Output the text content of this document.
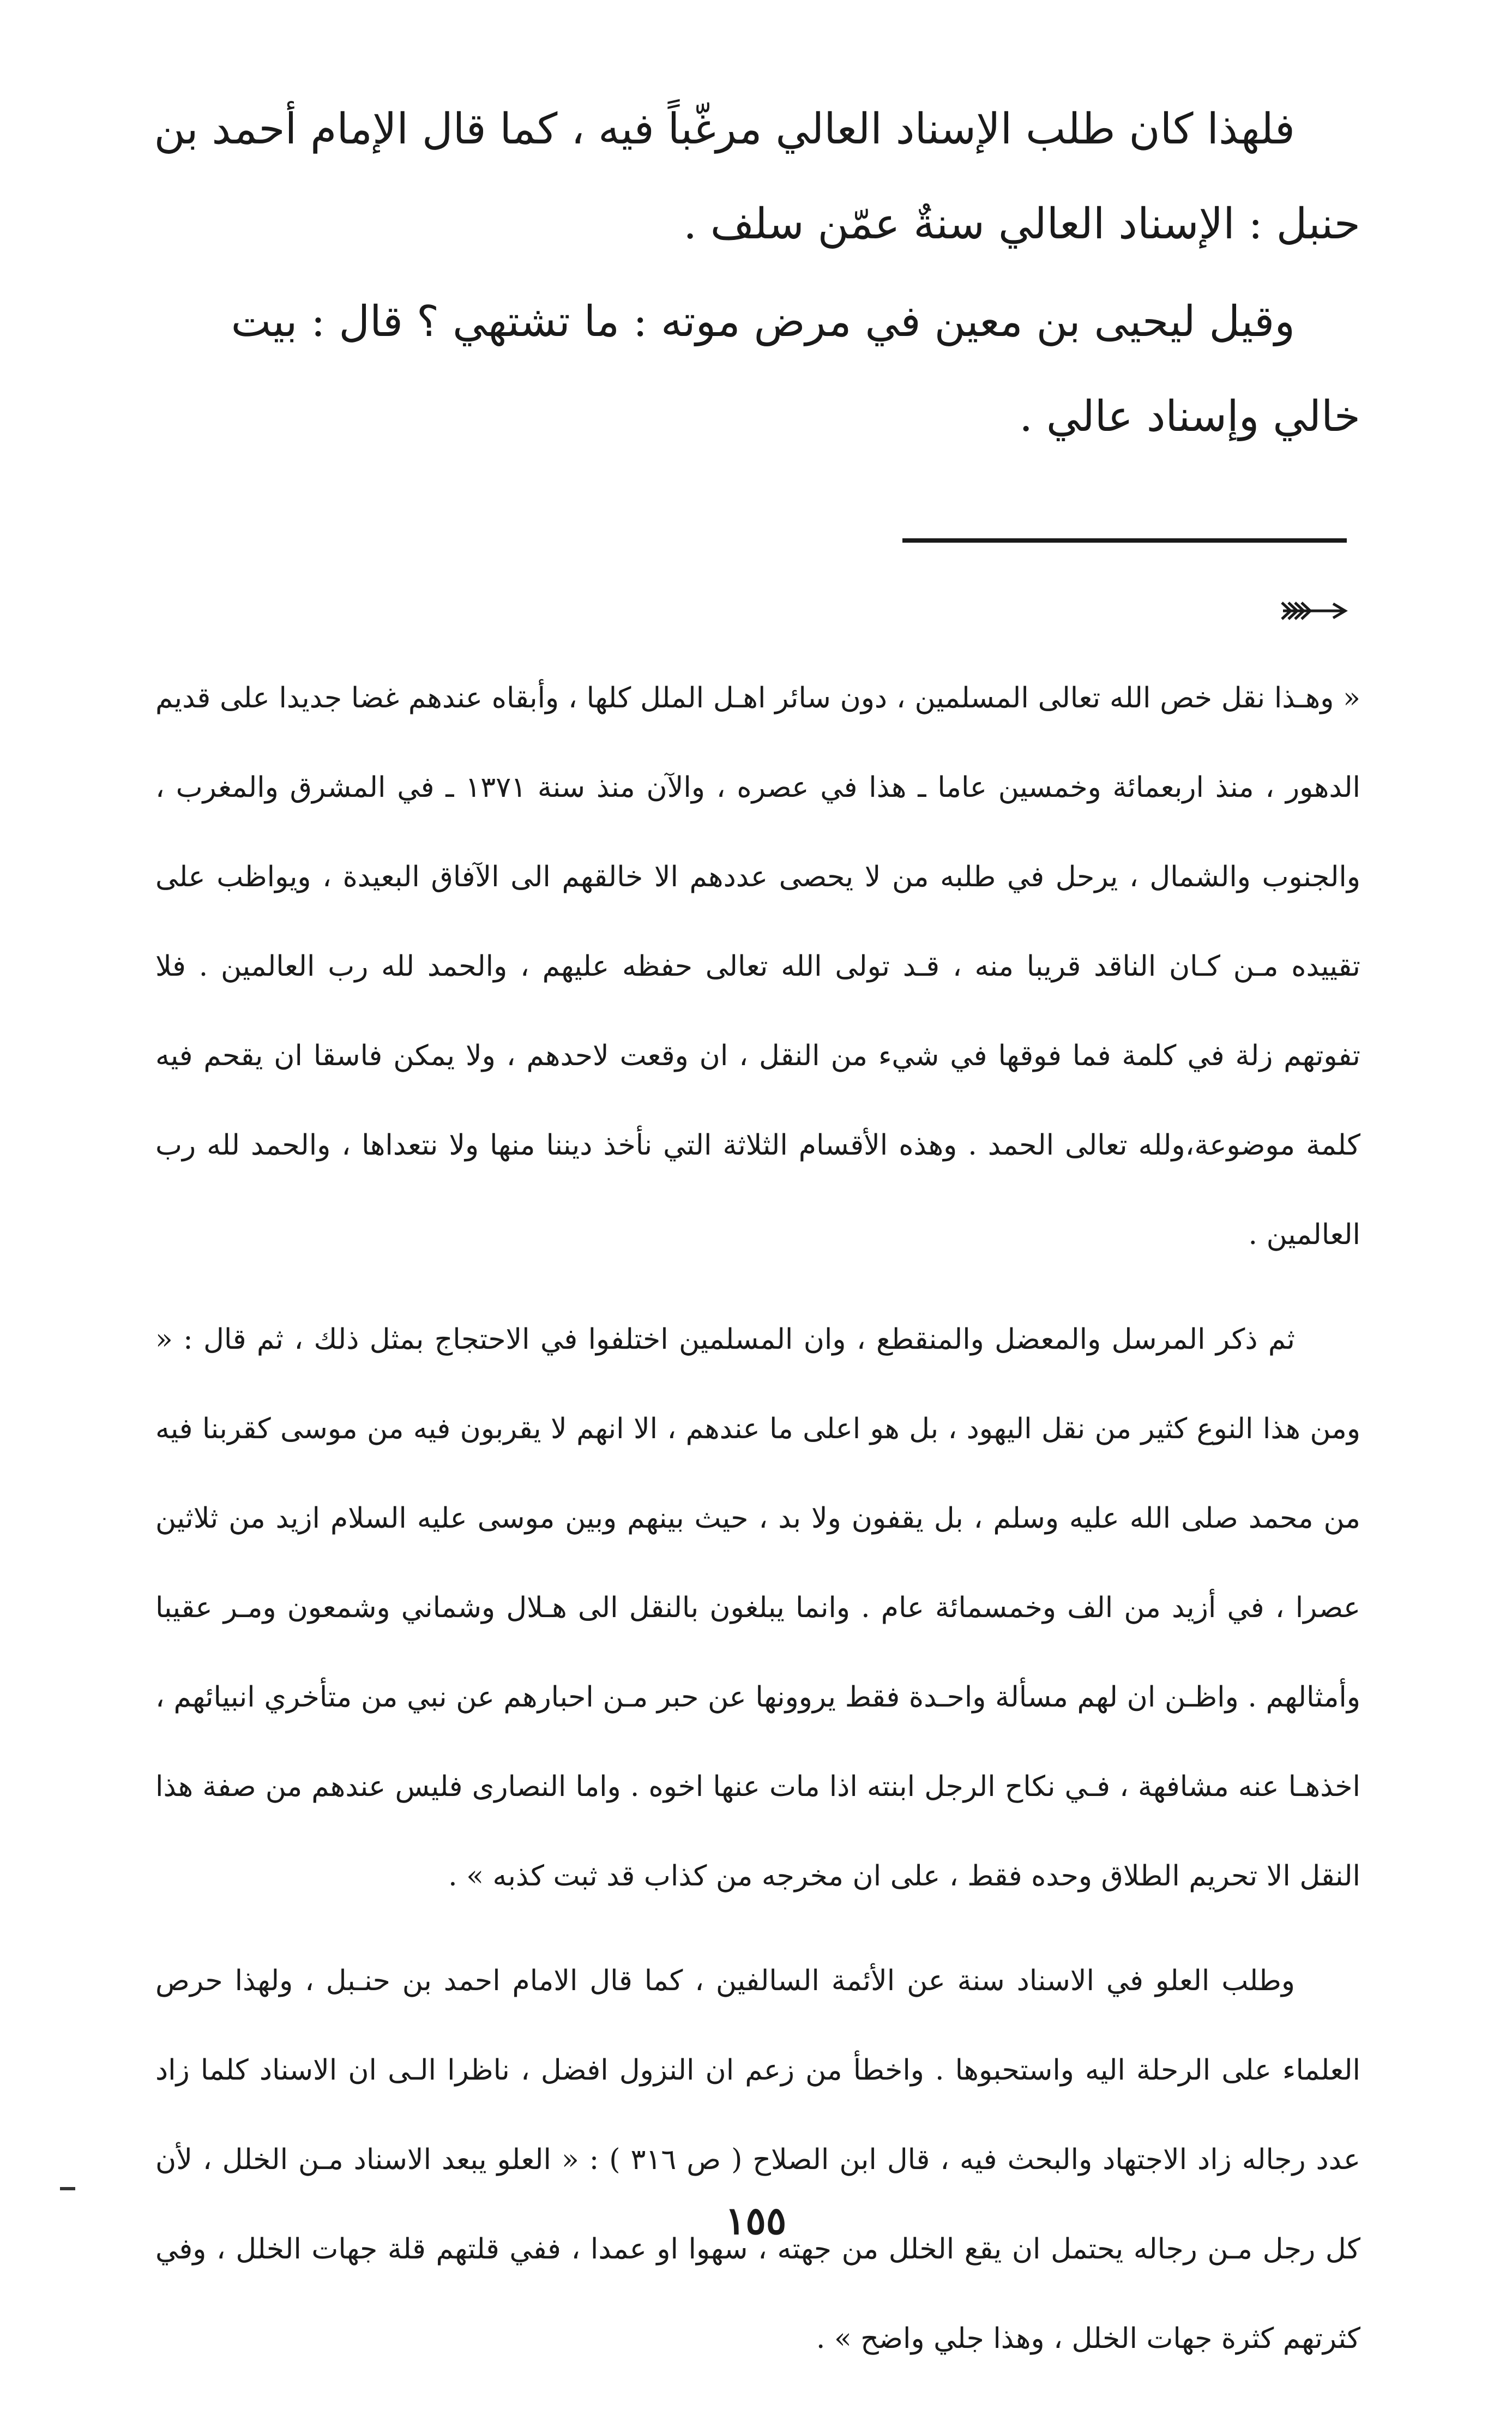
فلهذا كان طلب الإسناد العالي مرغّباً فيه ، كما قال الإمام أحمد بن حنبل : الإسناد العالي سنةٌ عمّن سلف .

وقيل ليحيى بن معين في مرض موته : ما تشتهي ؟ قال : بيت خالي وإسناد عالي .

« وهـذا نقل خص الله تعالى المسلمين ، دون سائر اهـل الملل كلها ، وأبقاه عندهم غضا جديدا على قديم الدهور ، منذ اربعمائة وخمسين عاما ـ هذا في عصره ، والآن منذ سنة ١٣٧١ ـ في المشرق والمغرب ، والجنوب والشمال ، يرحل في طلبه من لا يحصى عددهم الا خالقهم الى الآفاق البعيدة ، ويواظب على تقييده مـن كـان الناقد قريبا منه ، قـد تولى الله تعالى حفظه عليهم ، والحمد لله رب العالمين . فلا تفوتهم زلة في كلمة فما فوقها في شيء من النقل ، ان وقعت لاحدهم ، ولا يمكن فاسقا ان يقحم فيه كلمة موضوعة،ولله تعالى الحمد . وهذه الأقسام الثلاثة التي نأخذ ديننا منها ولا نتعداها ، والحمد لله رب العالمين .

ثم ذكر المرسل والمعضل والمنقطع ، وان المسلمين اختلفوا في الاحتجاج بمثل ذلك ، ثم قال : « ومن هذا النوع كثير من نقل اليهود ، بل هو اعلى ما عندهم ، الا انهم لا يقربون فيه من موسى كقربنا فيه من محمد صلى الله عليه وسلم ، بل يقفون ولا بد ، حيث بينهم وبين موسى عليه السلام ازيد من ثلاثين عصرا ، في أزيد من الف وخمسمائة عام . وانما يبلغون بالنقل الى هـلال وشماني وشمعون ومـر عقيبا وأمثالهم . واظـن ان لهم مسألة واحـدة فقط يروونها عن حبر مـن احبارهم عن نبي من متأخري انبيائهم ، اخذهـا عنه مشافهة ، فـي نكاح الرجل ابنته اذا مات عنها اخوه . واما النصارى فليس عندهم من صفة هذا النقل الا تحريم الطلاق وحده فقط ، على ان مخرجه من كذاب قد ثبت كذبه » .

وطلب العلو في الاسناد سنة عن الأئمة السالفين ، كما قال الامام احمد بن حنـبل ، ولهذا حرص العلماء على الرحلة اليه واستحبوها . واخطأ من زعم ان النزول افضل ، ناظرا الـى ان الاسناد كلما زاد عدد رجاله زاد الاجتهاد والبحث فيه ، قال ابن الصلاح ( ص ٣١٦ ) : « العلو يبعد الاسناد مـن الخلل ، لأن كل رجل مـن رجاله يحتمل ان يقع الخلل من جهته ، سهوا او عمدا ، ففي قلتهم قلة جهات الخلل ، وفي كثرتهم كثرة جهات الخلل ، وهذا جلي واضح » .

١٥٥
